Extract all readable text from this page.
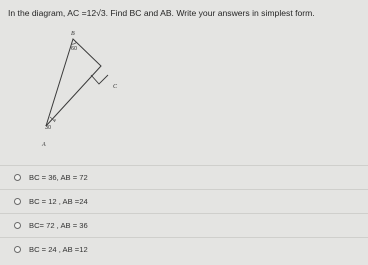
In the diagram, AC =12√3. Find BC and AB. Write your answers in simplest form.
B
C
A
60
30
°
BC = 36, AB = 72
BC = 12 , AB =24
BC= 72 , AB = 36
BC = 24 , AB =12
